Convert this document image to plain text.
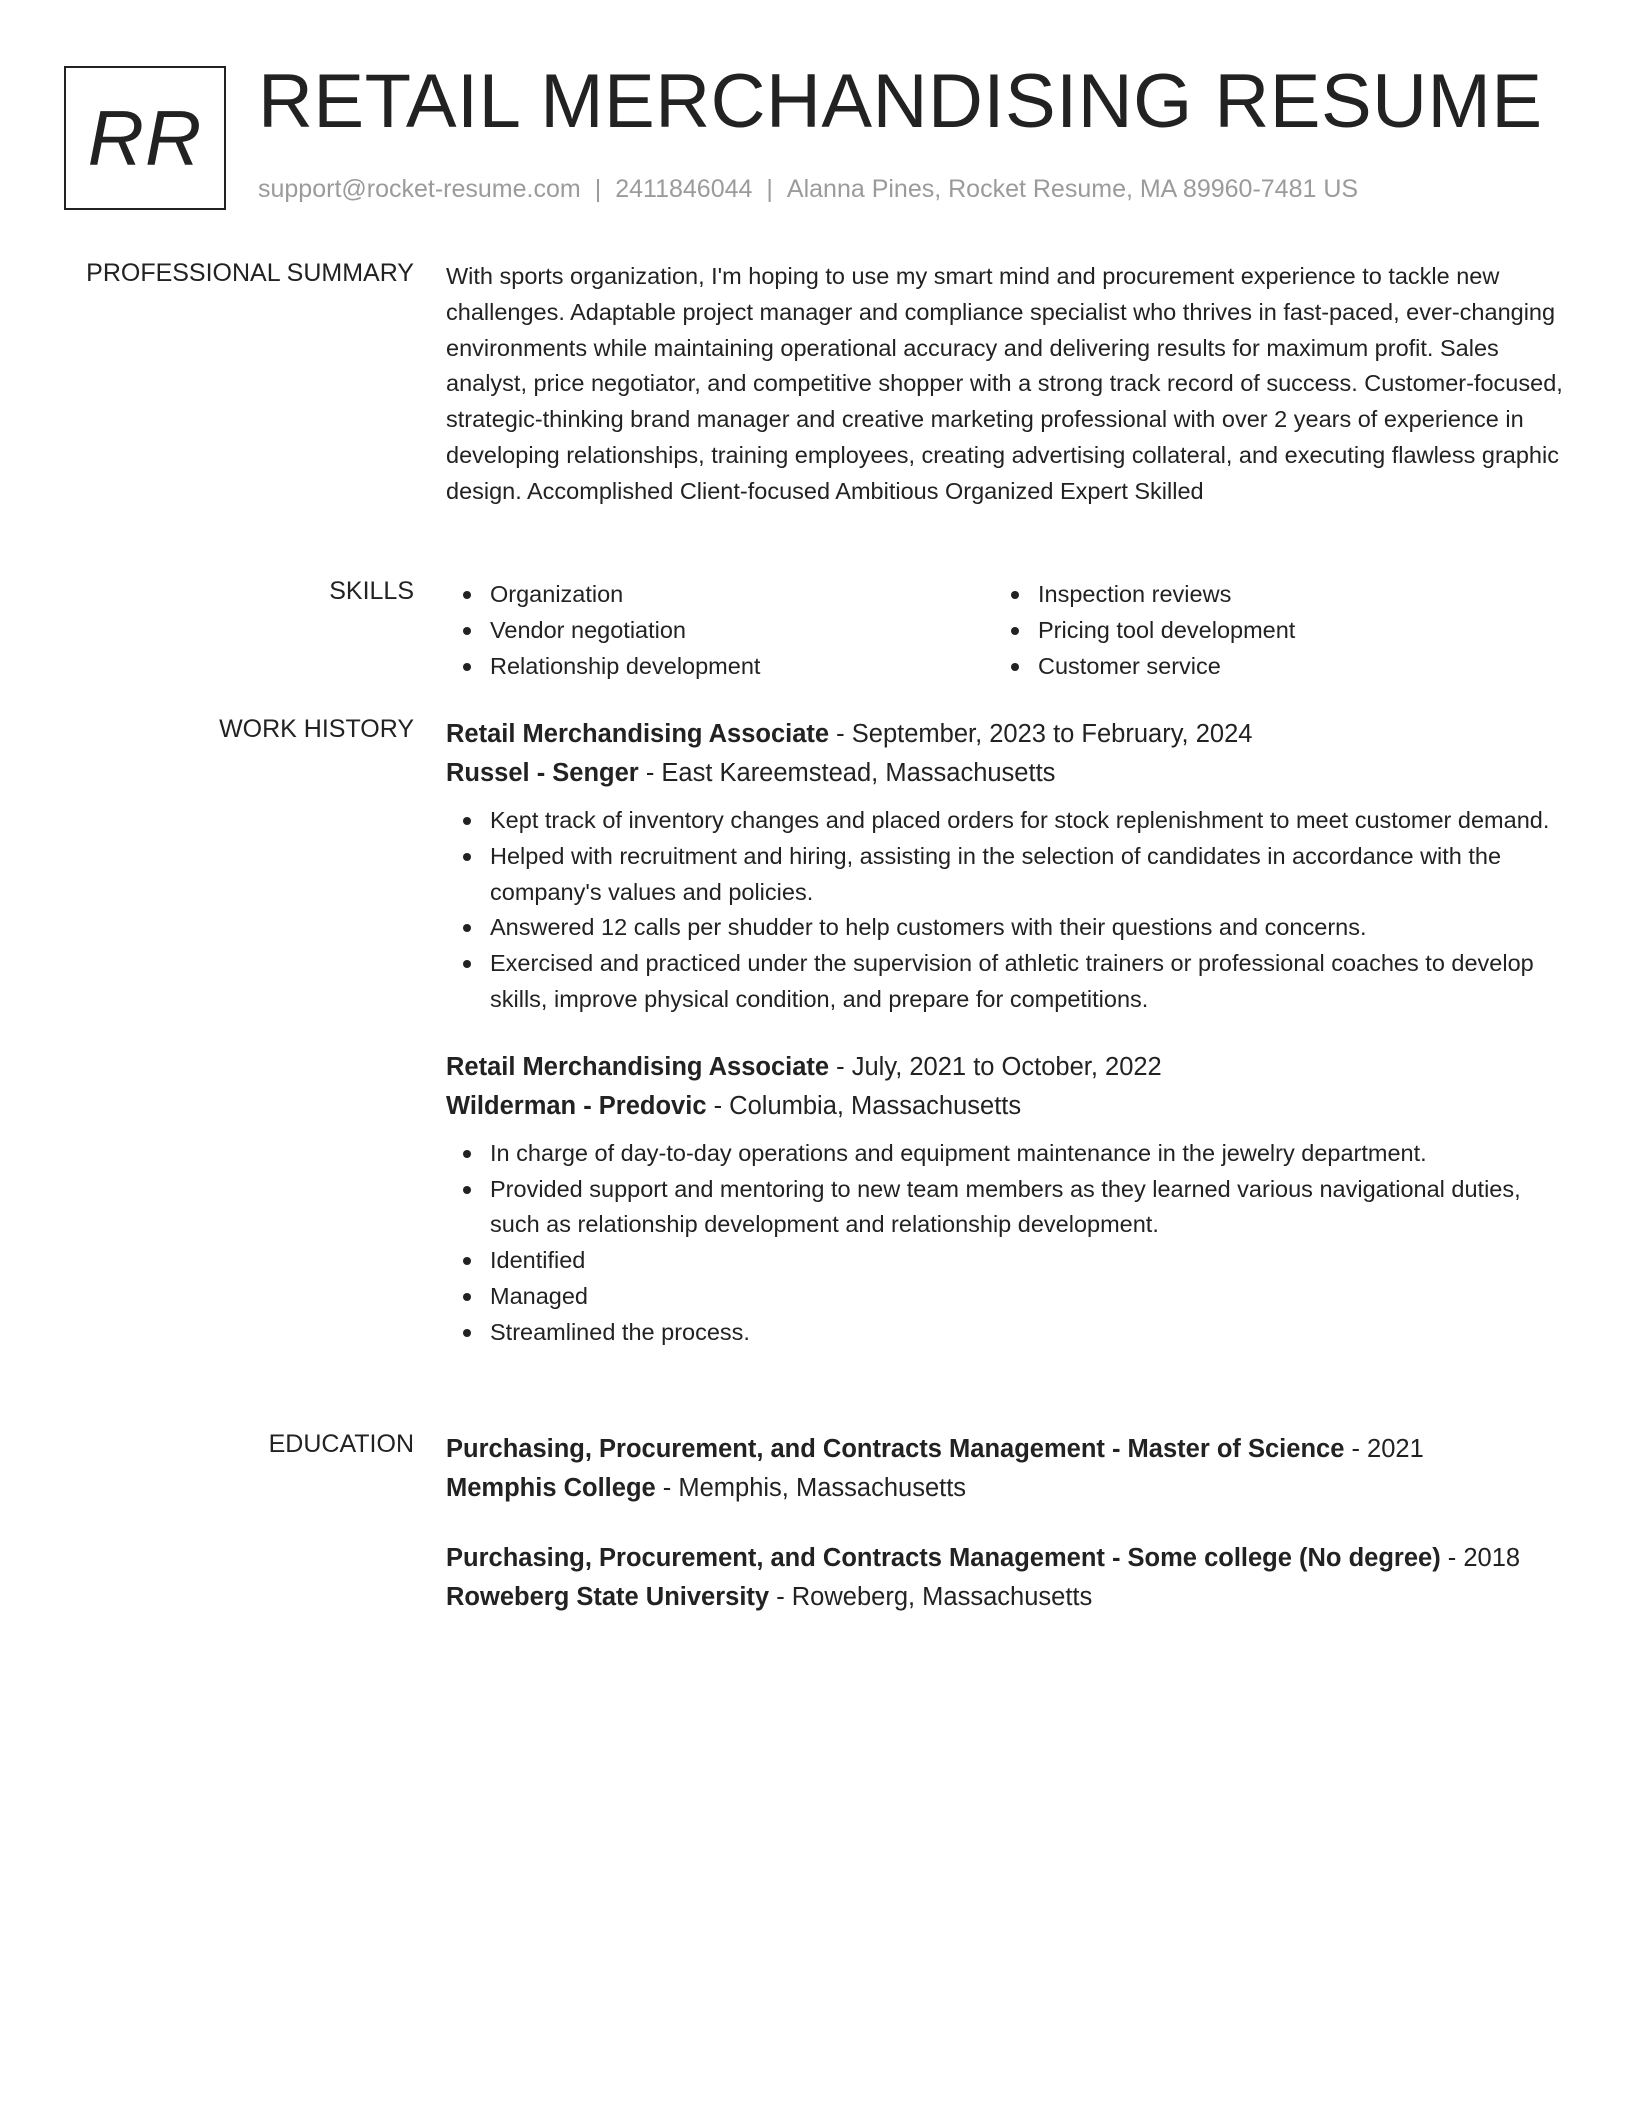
RR RETAIL MERCHANDISING RESUME
support@rocket-resume.com | 2411846044 | Alanna Pines, Rocket Resume, MA 89960-7481 US
PROFESSIONAL SUMMARY With sports organization, I'm hoping to use my smart mind and procurement experience to tackle new challenges. Adaptable project manager and compliance specialist who thrives in fast-paced, ever-changing environments while maintaining operational accuracy and delivering results for maximum profit. Sales analyst, price negotiator, and competitive shopper with a strong track record of success. Customer-focused, strategic-thinking brand manager and creative marketing professional with over 2 years of experience in developing relationships, training employees, creating advertising collateral, and executing flawless graphic design. Accomplished Client-focused Ambitious Organized Expert Skilled

SKILLS	Organization
Vendor negotiation
Relationship development
Inspection reviews
Pricing tool development
Customer service
WORK HISTORY Retail Merchandising Associate - September, 2023 to February, 2024
Russel - Senger - East Kareemstead, Massachusetts
Kept track of inventory changes and placed orders for stock replenishment to meet customer demand.
Helped with recruitment and hiring, assisting in the selection of candidates in accordance with the company's values and policies.
Answered 12 calls per shudder to help customers with their questions and concerns.
Exercised and practiced under the supervision of athletic trainers or professional coaches to develop skills, improve physical condition, and prepare for competitions.
Retail Merchandising Associate - July, 2021 to October, 2022
Wilderman - Predovic - Columbia, Massachusetts
In charge of day-to-day operations and equipment maintenance in the jewelry department.
Provided support and mentoring to new team members as they learned various navigational duties, such as relationship development and relationship development.
Identified
Managed
Streamlined the process.
EDUCATION Purchasing, Procurement, and Contracts Management - Master of Science - 2021
Memphis College - Memphis, Massachusetts
Purchasing, Procurement, and Contracts Management - Some college (No degree) - 2018
Roweberg State University - Roweberg, Massachusetts
